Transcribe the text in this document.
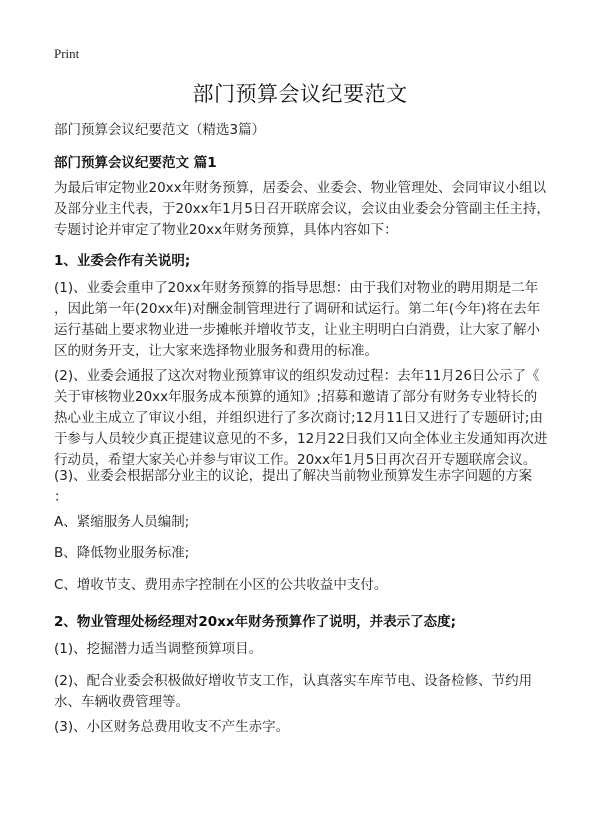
Print
部门预算会议纪要范文
部门预算会议纪要范文（精选3篇）
部门预算会议纪要范文 篇1

为最后审定物业20xx年财务预算，居委会、业委会、物业管理处、会同审议小组以
及部分业主代表，于20xx年1月5日召开联席会议，会议由业委会分管副主任主持，
专题讨论并审定了物业20xx年财务预算，具体内容如下：

1、业委会作有关说明;

(1)、业委会重申了20xx年财务预算的指导思想：由于我们对物业的聘用期是二年
，因此第一年(20xx年)对酬金制管理进行了调研和试运行。第二年(今年)将在去年
运行基础上要求物业进一步摊帐并增收节支，让业主明明白白消费，让大家了解小
区的财务开支，让大家来选择物业服务和费用的标准。

(2)、业委会通报了这次对物业预算审议的组织发动过程：去年11月26日公示了《
关于审核物业20xx年服务成本预算的通知》;招募和邀请了部分有财务专业特长的
热心业主成立了审议小组，并组织进行了多次商讨;12月11日又进行了专题研讨;由
于参与人员较少真正提建议意见的不多，12月22日我们又向全体业主发通知再次进
行动员，希望大家关心并参与审议工作。20xx年1月5日再次召开专题联席会议。

(3)、业委会根据部分业主的议论，提出了解决当前物业预算发生赤字问题的方案
：

A、紧缩服务人员编制;

B、降低物业服务标准;

C、增收节支、费用赤字控制在小区的公共收益中支付。

2、物业管理处杨经理对20xx年财务预算作了说明，并表示了态度;

(1)、挖掘潜力适当调整预算项目。

(2)、配合业委会积极做好增收节支工作，认真落实车库节电、设备检修、节约用
水、车辆收费管理等。

(3)、小区财务总费用收支不产生赤字。
